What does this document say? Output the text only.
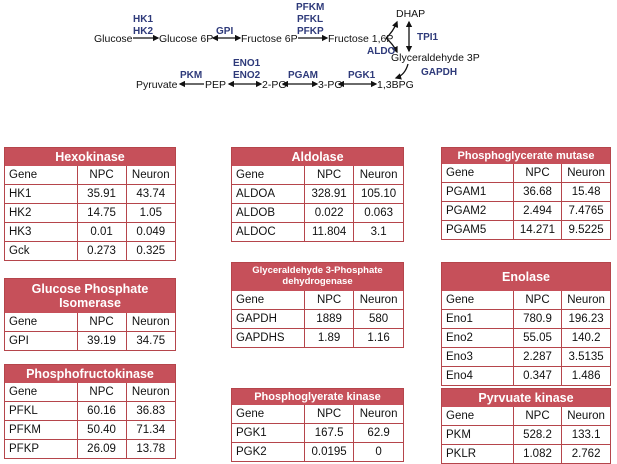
Glucose	Glucose 6P	Fructose 6P	Fructose 1,6P
DHAP
Glyceraldehyde 3P
Pyruvate	PEP	2-PG	3-PG	1,3BPG
HK1
HK2	GPI
PFKM
PFKL
PFKP
TPI1
ALDO
GAPDH
PGK1
PGAM
ENO1
ENO2
PKM
Hexokinase
Gene	NPC	Neuron
HK1	35.91	43.74
HK2	14.75	1.05
HK3	0.01	0.049
Gck	0.273	0.325
Glucose Phosphate Isomerase
Gene	NPC	Neuron
GPI	39.19	34.75
Phosphofructokinase
Gene	NPC	Neuron
PFKL	60.16	36.83
PFKM	50.40	71.34
PFKP	26.09	13.78
Aldolase
Gene	NPC	Neuron
ALDOA	328.91	105.10
ALDOB	0.022	0.063
ALDOC	11.804	3.1
Glyceraldehyde 3-Phosphate dehydrogenase
Gene	NPC	Neuron
GAPDH	1889	580
GAPDHS	1.89	1.16
Phosphoglyerate kinase
Gene	NPC	Neuron
PGK1	167.5	62.9
PGK2	0.0195	0
Phosphoglycerate mutase
Gene	NPC	Neuron
PGAM1	36.68	15.48
PGAM2	2.494	7.4765
PGAM5	14.271	9.5225
Enolase
Gene	NPC	Neuron
Eno1	780.9	196.23
Eno2	55.05	140.2
Eno3	2.287	3.5135
Eno4	0.347	1.486
Pyrvuate kinase
Gene	NPC	Neuron
PKM	528.2	133.1
PKLR	1.082	2.762
